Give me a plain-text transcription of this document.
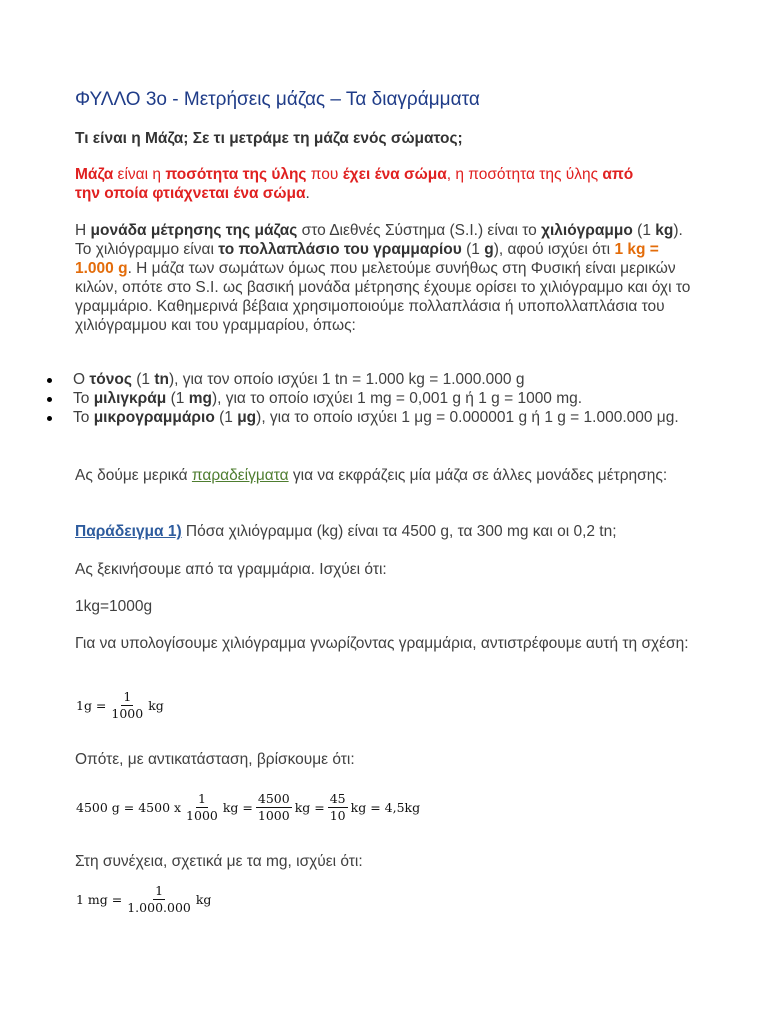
ΦΥΛΛΟ 3ο - Μετρήσεις μάζας – Τα διαγράμματα
Τι είναι η Μάζα; Σε τι μετράμε τη μάζα ενός σώματος;
Μάζα είναι η ποσότητα της ύλης που έχει ένα σώμα, η ποσότητα της ύλης από την οποία φτιάχνεται ένα σώμα.
Η μονάδα μέτρησης της μάζας στο Διεθνές Σύστημα (S.I.) είναι το χιλιόγραμμο (1 kg). Το χιλιόγραμμο είναι το πολλαπλάσιο του γραμμαρίου (1 g), αφού ισχύει ότι 1 kg = 1.000 g. Η μάζα των σωμάτων όμως που μελετούμε συνήθως στη Φυσική είναι μερικών κιλών, οπότε στο S.I. ως βασική μονάδα μέτρησης έχουμε ορίσει το χιλιόγραμμο και όχι το γραμμάριο. Καθημερινά βέβαια χρησιμοποιούμε πολλαπλάσια ή υποπολλαπλάσια του χιλιόγραμμου και του γραμμαρίου, όπως:
Ο τόνος (1 tn), για τον οποίο ισχύει 1 tn = 1.000 kg = 1.000.000 g
Το μιλιγκράμ (1 mg), για το οποίο ισχύει 1 mg = 0,001 g ή 1 g = 1000 mg.
Το μικρογραμμάριο (1 μg), για το οποίο ισχύει 1 μg = 0.000001 g ή 1 g = 1.000.000 μg.
Ας δούμε μερικά παραδείγματα για να εκφράζεις μία μάζα σε άλλες μονάδες μέτρησης:
Παράδειγμα 1) Πόσα χιλιόγραμμα (kg) είναι τα 4500 g, τα 300 mg και οι 0,2 tn;
Ας ξεκινήσουμε από τα γραμμάρια. Ισχύει ότι:
1kg=1000g
Για να υπολογίσουμε χιλιόγραμμα γνωρίζοντας γραμμάρια, αντιστρέφουμε αυτή τη σχέση:
$1g = \frac{1}{1000}$ kg
Οπότε, με αντικατάσταση, βρίσκουμε ότι:
4500 g = 4500 x $\frac{1}{1000}$ kg = $\frac{4500}{1000}$ kg = $\frac{45}{10}$ kg = 4,5kg
Στη συνέχεια, σχετικά με τα mg, ισχύει ότι:
1 mg = $\frac{1}{1.000.000}$ kg
